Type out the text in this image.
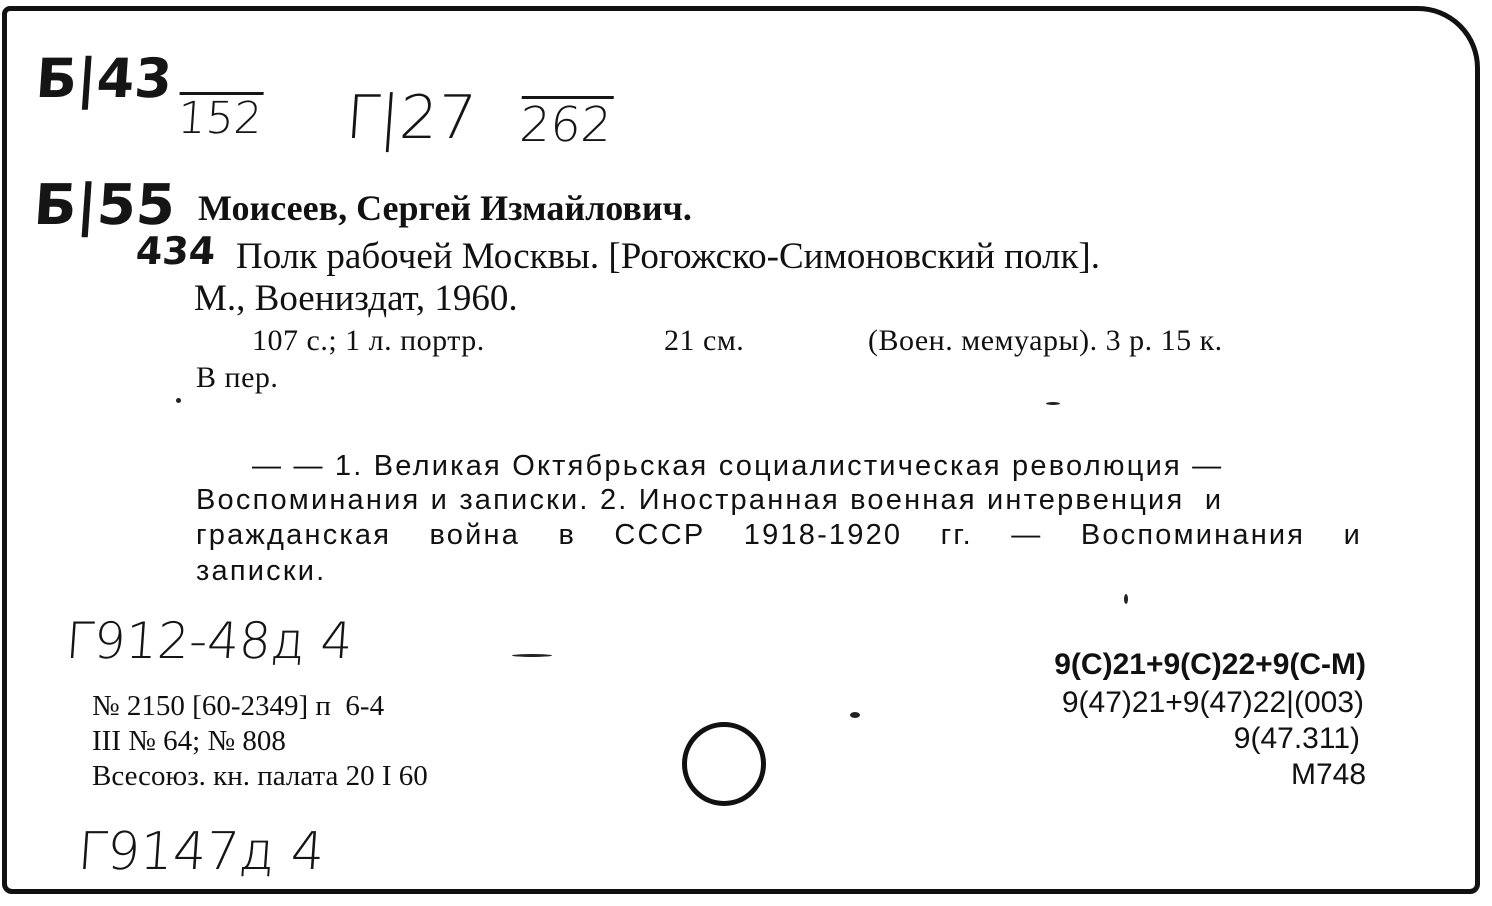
Б|43
152 Г|27 262
Б|55
434
Моисеев, Сергей Измайлович.
Полк рабочей Москвы. [Рогожско-Симоновский полк].
М., Воениздат, 1960.
107 с.; 1 л. портр.	21 см.	(Воен. мемуары). 3 р. 15 к.
В пер.
— — 1. Великая Октябрьская социалистическая революция —
Воспоминания и записки. 2. Иностранная военная интервенция  и
гражданская война в СССР 1918-1920 гг. — Воспоминания и
записки.
Г912-48д 4
Г9147д 4
9(С)21+9(С)22+9(С-М)
9(47)21+9(47)22|(003)
9(47.311)
М748
№ 2150 [60-2349] п  6-4
III № 64; № 808
Всесоюз. кн. палата 20 I 60
